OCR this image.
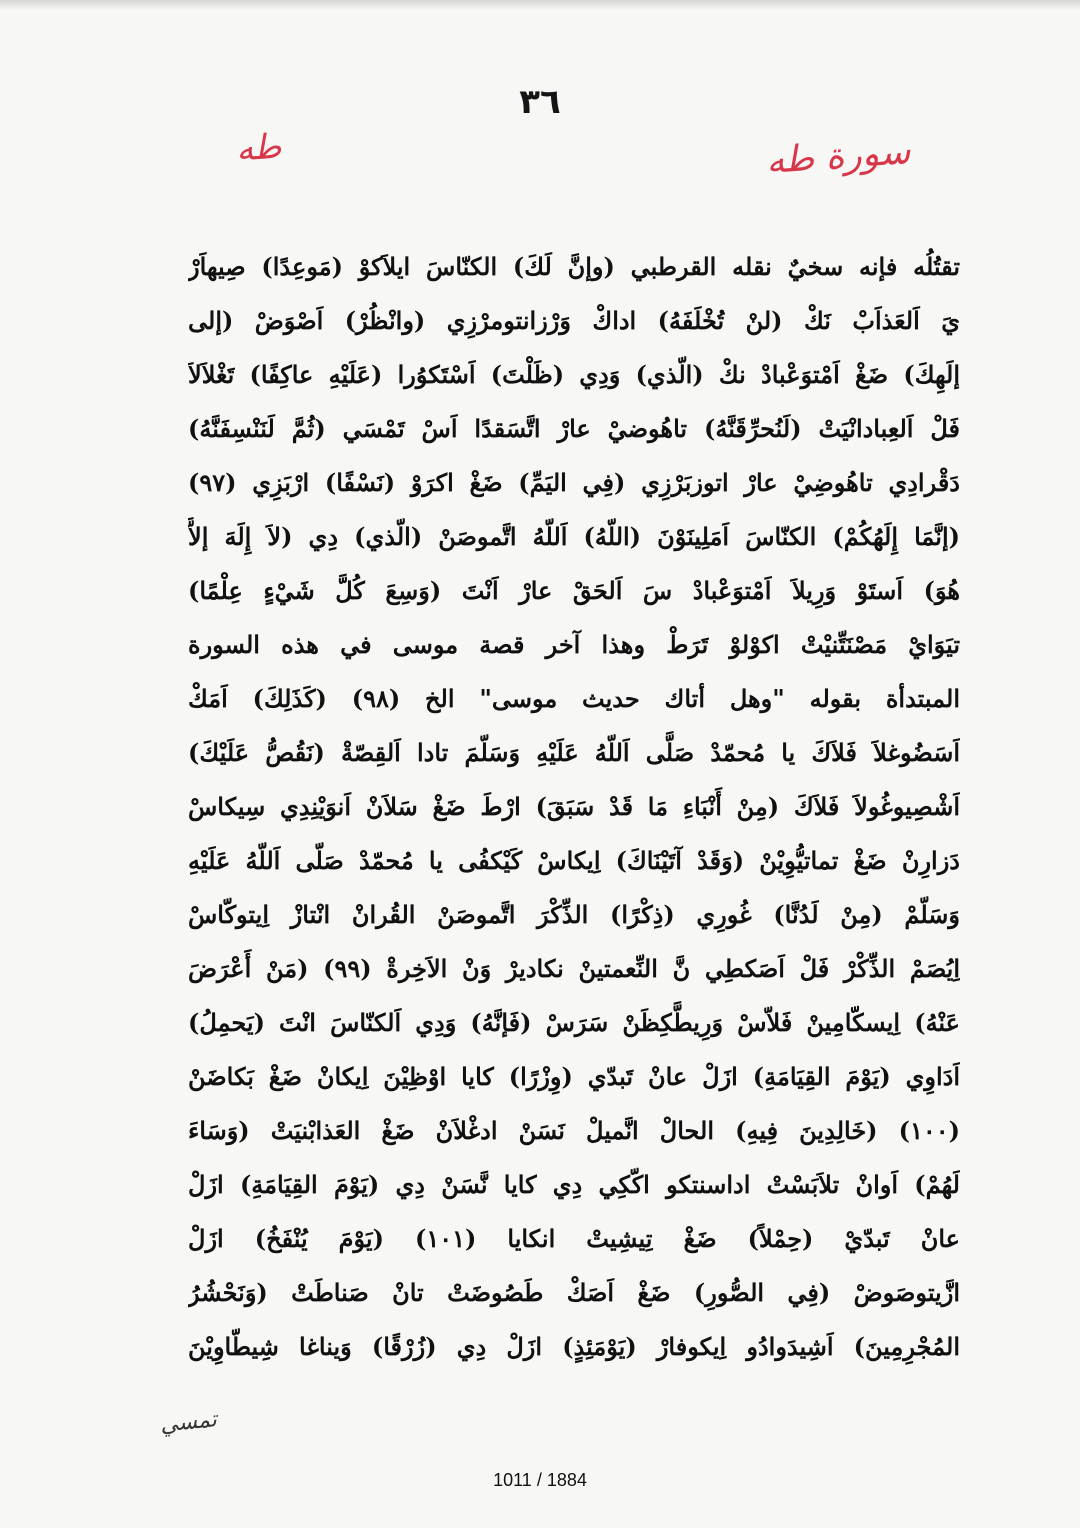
٣٦
طه	سورة طه
تقتُلُه فإنه سخيٌ نقله القرطبي (وإنَّ لَكَ) الكنّاسَ ايلاَكوْ (مَوعِدًا) صِيهاَرْ
يَ اَلعَذاَبْ نَكْ (لنْ تُخْلَفَهُ) اداكْ وَرْزانتومرْزِي (وانْظُرْ) اَصْوَضْ (إلى
إلَهِكَ) ضَغْ اَمْتوَعْبادْ نكْ (الّذي) وَدِي (ظَلْتَ) اَسْتَكوُرا (عَلَيْهِ عاكِفًا) تَغْلاَلاَ
فَلْ اَلعِبادانْيَتْ (لَنُحرِّقَنَّهُ) تاهُوضيْ عارْ اتَّسَقدًا اَسْ تَمْسَي (ثُمَّ لَنَنْسِفَنَّهُ)
دَقْرادِي تاهُوضِيْ عارْ اتوزبَرْزِي (فِي اليَمِّ) ضَغْ اكرَوْ (نَسْفًا) ارْبَزِي (٩٧)
(إنَّمَا إِلَهُكُمْ) الكنّاسَ اَمَلِينَوْنَ (اللّهُ) اَللّهُ اتَّموصَنْ (الّذي) دِي (لاَ إِلَهَ إلاَّ
هُوَ) اَستَوْ وَرِيلاَ اَمْتوَعْبادْ سَ اَلحَقْ عارْ اَنْتَ (وَسِعَ كُلَّ شَيْءٍ عِلْمًا)
تيَوَايْ مَصْنَتِّنيْتْ اكوْلوْ تَرَطْ وهذا آخر قصة موسى في هذه السورة
المبتدأة بقوله "وهل أتاك حديث موسى" الخ (٩٨) (كَذَلِكَ) اَمَكْ
اَسَضُوغلاَ فَلاَكَ يا مُحمّدْ صَلَّى اَللّهُ عَلَيْهِ وَسَلّمَ تادا اَلقِصّةْ (نَقُصُّ عَلَيْكَ)
اَشْصِيوغُولاَ فَلاَكَ (مِنْ أَنْبَاءِ مَا قَدْ سَبَقَ) ارْطَ ضَغْ سَلاَنْ اَنوَيْنِدِي سِيكاسْ
دَزارِنْ ضَغْ تماتيُّوِيْنْ (وَقَدْ آتَيْنَاكَ) اِيكاسْ كَيْكفُى يا مُحمّدْ صَلّى اَللّهُ عَلَيْهِ
وَسَلّمْ (مِنْ لَدُنَّا) غُورِي (ذِكْرًا) الذِّكْرَ اتَّموصَنْ القُرانْ انْتازْ اِيتوكّاسْ
اِيُصَمْ الذِّكْرْ فَلْ اَصَكطِي نَّ النِّعمتينْ نكاديرْ وَنْ الاَخِرةْ (٩٩) (مَنْ أَعْرَضَ
عَنْهُ) اِيسكّامِينْ فَلاّسْ وَرِيطَّكِظَنْ سَرَسْ (فَإنَّهُ) وَدِي اَلكنّاسَ انْتَ (يَحمِلُ)
اَدَاوِي (يَوْمَ القِيَامَةِ) ازَلْ عانْ تَبدّي (وِزْرًا) كايا اوْظِيْنَ اِيكانْ ضَغْ بَكاضَنْ
(١٠٠) (خَالِدِينَ فِيهِ) الحالْ انَّميلْ نَسَنْ ادغْلاَنْ ضَغْ العَذابْنيَتْ (وَسَاءَ
لَهُمْ) اَوانْ تلاَبَسْتْ اداسنتكو اكّكِي دِي كايا نَّسَنْ دِي (يَوْمَ القِيَامَةِ) ازَلْ
عانْ تَبدّيْ (حِمْلاً) ضَغْ تِيشِيتْ انكايا (١٠١) (يَوْمَ يُنْفَخُ) ازَلْ
ازَّيتوصَوضْ (فِي الصُّورِ) ضَغْ اَصَكْ طَصُوضَتْ تانْ صَناطَتْ (وَنَحْشُرُ
المُجْرِمِينَ) اَشِيدَوادُو اِيكوفارْ (يَوْمَئِذٍ) ازَلْ دِي (زُرْقًا) وَيناغا شِيطّاوِيْنَ
تمسي
1011 / 1884
